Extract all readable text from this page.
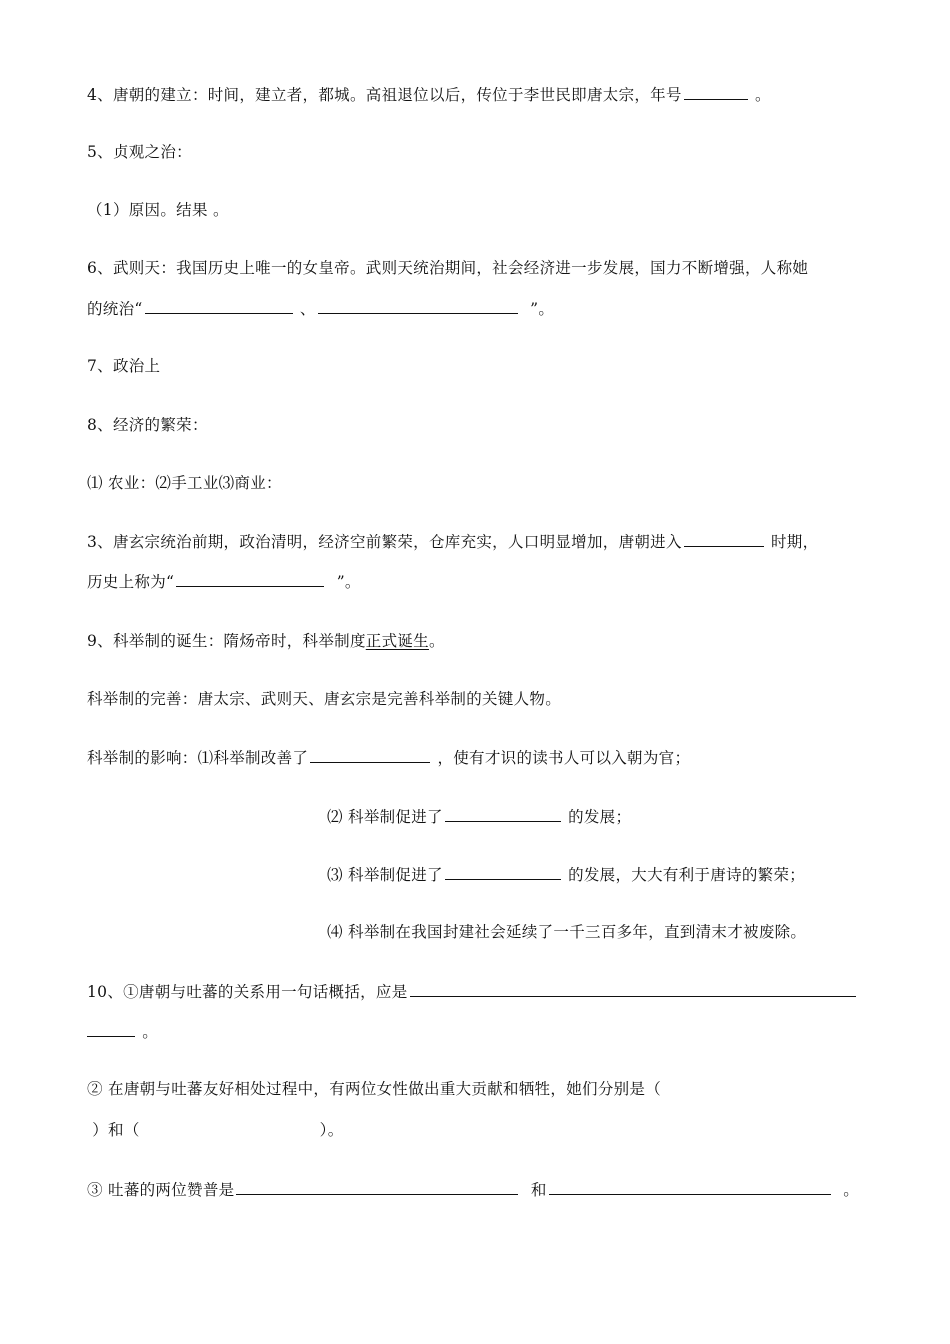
4、唐朝的建立：时间，建立者，都城。高祖退位以后，传位于李世民即唐太宗，年号	。
5、贞观之治：
（1）原因。结果 。
6、武则天：我国历史上唯一的女皇帝。武则天统治期间，社会经济进一步发展，国力不断增强，人称她
的统治“	、	”。
7、政治上
8、经济的繁荣：
⑴ 农业：⑵手工业⑶商业：
3、唐玄宗统治前期，政治清明，经济空前繁荣，仓库充实，人口明显增加，唐朝进入	时期，
历史上称为“	”。
9、科举制的诞生：隋炀帝时，科举制度正式诞生。
科举制的完善：唐太宗、武则天、唐玄宗是完善科举制的关键人物。
科举制的影响：⑴科举制改善了	，使有才识的读书人可以入朝为官；
⑵ 科举制促进了	的发展；
⑶ 科举制促进了	的发展，大大有利于唐诗的繁荣；
⑷ 科举制在我国封建社会延续了一千三百多年，直到清末才被废除。
10、①唐朝与吐蕃的关系用一句话概括，应是
。
② 在唐朝与吐蕃友好相处过程中，有两位女性做出重大贡献和牺牲，她们分别是（
）和（	）。
③ 吐蕃的两位赞普是	和	。
